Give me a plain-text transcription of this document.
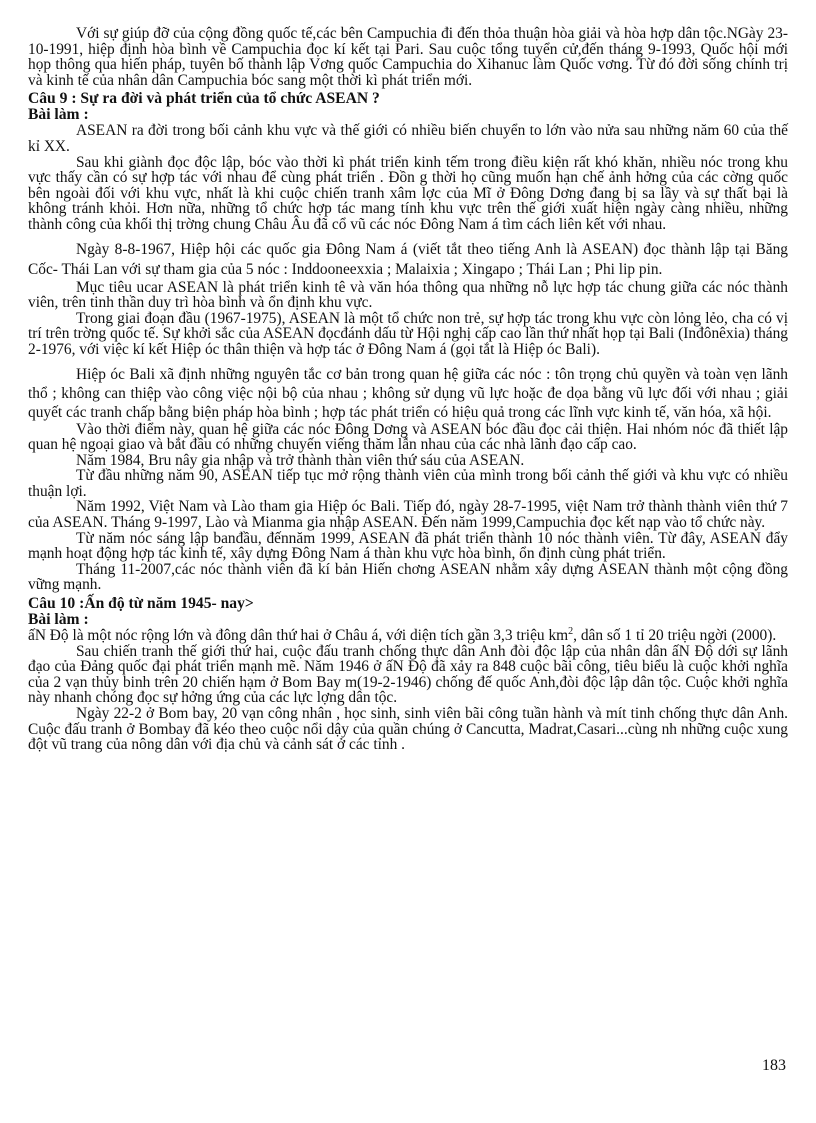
Với sự giúp đỡ của cộng đồng quốc tế,các bên Campuchia đi đến thỏa thuận hòa giải và hòa hợp dân tộc.NGày 23-10-1991, hiệp định hòa bình về Campuchia đọc kí kết tại Pari. Sau cuộc tổng tuyển cử,đến tháng 9-1993, Quốc hội mới họp thông qua hiến pháp, tuyên bố thành lập Vơng quốc Campuchia do Xihanuc làm Quốc vơng. Từ đó đời sống chính trị và kinh tế của nhân dân Campuchia bóc sang một thời kì phát triển mới.

Câu 9 : Sự ra đời và phát triển của tổ chức ASEAN ?

Bài làm :

ASEAN ra đời trong bối cảnh khu vực và thế giới có nhiều biến chuyển to lớn vào nửa sau những năm 60 của thế kỉ XX.

Sau khi giành đọc độc lập, bóc vào thời kì phát triển kinh tếm trong điều kiện rất khó khăn, nhiều nóc trong khu vực thấy cần có sự hợp tác với nhau để cùng phát triển . Đồn g thời họ cũng muốn hạn chế ảnh hởng của các cờng quốc bên ngoài đối với khu vực, nhất là khi cuộc chiến tranh xâm lợc của Mĩ ở Đông Dơng đang bị sa lầy và sự thất bại là không tránh khỏi. Hơn nữa, những tổ chức hợp tác mang tính khu vực trên thế giới xuất hiện ngày càng nhiều, những thành công của khối thị trờng chung Châu Âu đã cổ vũ các nóc Đông Nam á tìm cách liên kết với nhau.

Ngày 8-8-1967, Hiệp hội các quốc gia Đông Nam á (viết tắt theo tiếng Anh là ASEAN) đọc thành lập tại Băng Cốc- Thái Lan với sự tham gia của 5 nóc : Inddooneexxia ; Malaixia ; Xingapo ; Thái Lan ; Phi lip pin.

Mục tiêu ucar ASEAN là phát triển kinh tê và văn hóa thông qua những nỗ lực hợp tác chung giữa các nóc thành viên, trên tinh thần duy trì hòa bình và ổn định khu vực.

Trong giai đoạn đầu (1967-1975), ASEAN là một tổ chức non trẻ, sự hợp tác trong khu vực còn lỏng lẻo, cha có vị trí trên trờng quốc tế. Sự khởi sắc của ASEAN đọcđánh dấu từ Hội nghị cấp cao lần thứ nhất họp tại Bali (Inđônêxia) tháng 2-1976, với việc kí kết Hiệp óc thân thiện và hợp tác ở Đông Nam á (gọi tắt là Hiệp óc Bali).

Hiệp óc Bali xã định những nguyên tắc cơ bản trong quan hệ giữa các nóc : tôn trọng chủ quyền và toàn vẹn lãnh thổ ; không can thiệp vào công việc nội bộ của nhau ; không sử dụng vũ lực hoặc đe dọa bằng vũ lực đối với nhau ; giải quyết các tranh chấp bằng biện pháp hòa bình ; hợp tác phát triển có hiệu quả trong các lĩnh vực kinh tế, văn hóa, xã hội.

Vào thời điểm này, quan hệ giữa các nóc Đông Dơng và ASEAN bóc đầu đọc cải thiện. Hai nhóm nóc đã thiết lập quan hệ ngoại giao và bắt đầu có những chuyến viếng thăm lẫn nhau của các nhà lãnh đạo cấp cao.

Năm 1984, Bru nây gia nhập và trở thành thàn viên thứ sáu của ASEAN.

Từ đầu những năm 90, ASEAN tiếp tục mở rộng thành viên của mình trong bối cảnh thế giới và khu vực có nhiều thuận lợi.

Năm 1992, Việt Nam và Lào tham gia Hiệp óc Bali. Tiếp đó, ngày 28-7-1995, việt Nam trở thành thành viên thứ 7 của ASEAN. Tháng 9-1997, Lào và Mianma gia nhập ASEAN. Đến năm 1999,Campuchia đọc kết nạp vào tổ chức này.

Từ năm nóc sáng lập banđầu, đếnnăm 1999, ASEAN đã phát triển thành 10 nóc thành viên. Từ đây, ASEAN đẩy mạnh hoạt động hợp tác kinh tế, xây dựng Đông Nam á thàn khu vực hòa bình, ổn định cùng phát triển.

Tháng 11-2007,các nóc thành viên đã kí bản Hiến chơng ASEAN nhằm xây dựng ASEAN thành một cộng đồng vững mạnh.

Câu 10 :Ấn độ từ năm 1945- nay>

Bài làm :

ấN Độ là một nóc rộng lớn và đông dân thứ hai ở Châu á, với diện tích gần 3,3 triệu $km^2$, dân số 1 tỉ 20 triệu ngời (2000).

Sau chiến tranh thế giới thứ hai, cuộc đấu tranh chống thực dân Anh đòi độc lập của nhân dân ấN Độ dới sự lãnh đạo của Đảng quốc đại phát triển mạnh mẽ. Năm 1946 ở ấN Độ đã xảy ra 848 cuộc bãi công, tiêu biểu là cuộc khởi nghĩa của 2 vạn thủy binh trên 20 chiến hạm ở Bom Bay m(19-2-1946) chống đế quốc Anh,đòi độc lập dân tộc. Cuộc khởi nghĩa này nhanh chóng đọc sự hởng ứng của các lực lợng dân tộc.

Ngày 22-2 ở Bom bay, 20 vạn công nhân , học sinh, sinh viên bãi công tuần hành và mít tinh chống thực dân Anh. Cuộc đấu tranh ở Bombay đã kéo theo cuộc nổi dậy của quần chúng ở Cancutta, Madrat,Casari...cùng nh những cuộc xung đột vũ trang của nông dân với địa chủ và cảnh sát ở các tỉnh .

183
